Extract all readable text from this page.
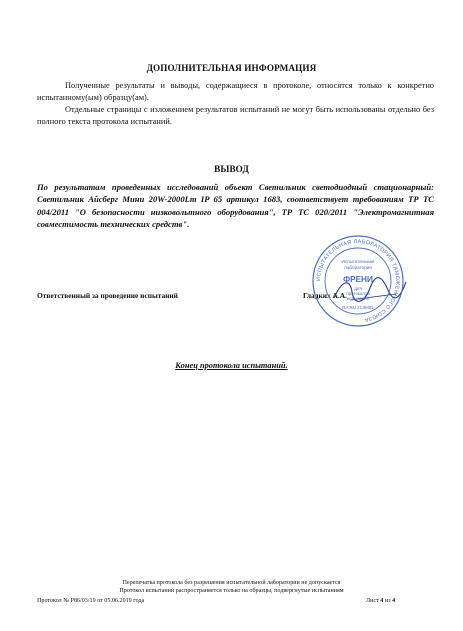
ДОПОЛНИТЕЛЬНАЯ ИНФОРМАЦИЯ
Полученные результаты и выводы, содержащиеся в протоколе, относятся только к конкретно испытанному(ым) образцу(ам).
Отдельные страницы с изложением результатов испытаний не могут быть использованы отдельно без полного текста протокола испытаний.
ВЫВОД
По результатам проведенных исследований объект Светильник светодиодный стационарный: Светильник Айсберг Мини 20W-2000Lm IP 65 артикул 1683, соответствует требованиям ТР ТС 004/2011 "О безопасности низковольтного оборудования", ТР ТС 020/2011 "Электромагнитная совместимость технических средств".
Ответственный за проведение испытаний	Гладких А.А.
ИСПЫТАТЕЛЬНАЯ ЛАБОРАТОРИЯ ТАМОЖЕННОГО СОЮЗА
Испытательная
лаборатория
ФРЕНИ
для
протоколов
испытаний
RA.RU.21ЭМ82
Конец протокола испытаний.
Перепечатка протокола без разрешения испытательной лаборатории не допускается
Протокол испытаний распространяется только на образцы, подвергнутые испытаниям
Протокол № Р86/03/19 от 05.06.2019 года	Лист 4 из 4
